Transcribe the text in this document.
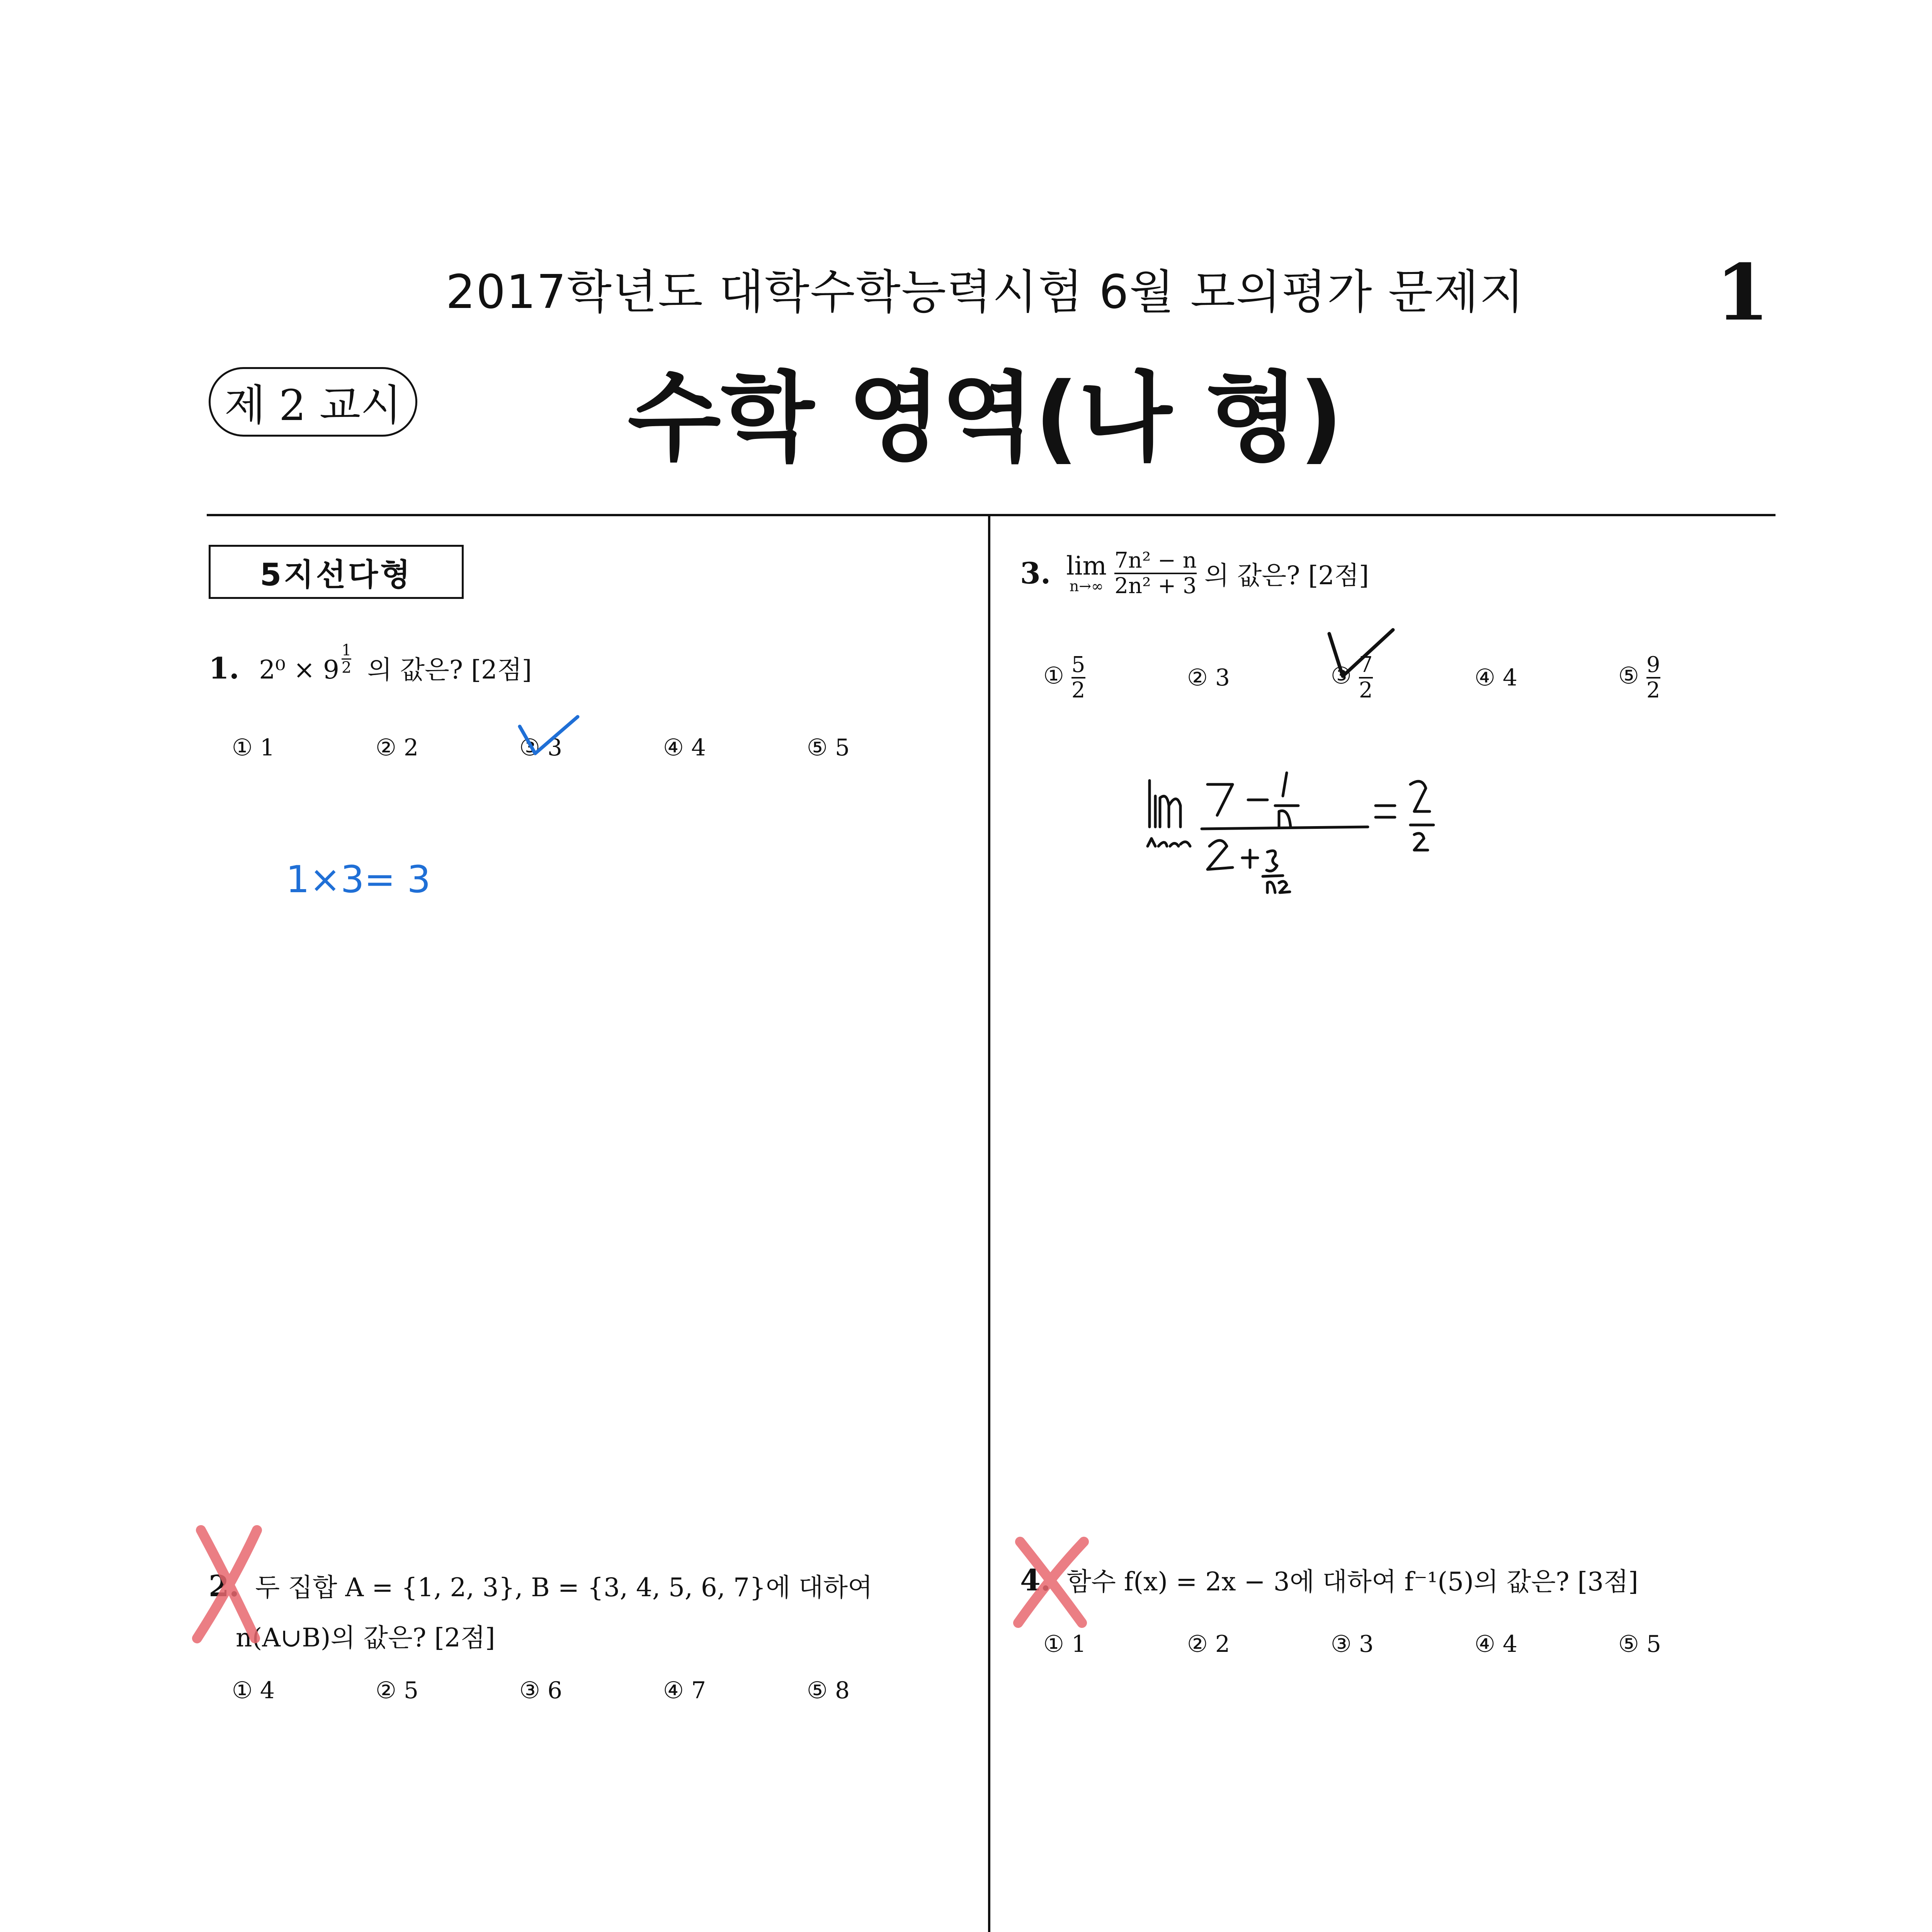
2017학년도 대학수학능력시험 6월 모의평가 문제지	1
제 2 교시	수학 영역(나 형)
5지선다형
1. $2^0 \times 9 \frac{1}{2}$ 의 값은? [2점]
① 1	② 2	③ 3	④ 4	⑤ 5
1×3= 3
3. lim
$n\to\infty \frac{\text{7n² − n}}{\text{2n² + 3}}$ 의 값은? [2점]
① $\frac{5}{2}$	② 3	③ $\frac{7}{2}$	④ 4	⑤ $\frac{9}{2}$
2. 두 집합 A = {1, 2, 3}, B = {3, 4, 5, 6, 7}에 대하여
n(A∪B)의 값은? [2점]
① 4	② 5	③ 6	④ 7	⑤ 8
4. 함수 f(x) = 2x − 3에 대하여 f⁻¹(5)의 값은? [3점]
① 1	② 2	③ 3	④ 4	⑤ 5
